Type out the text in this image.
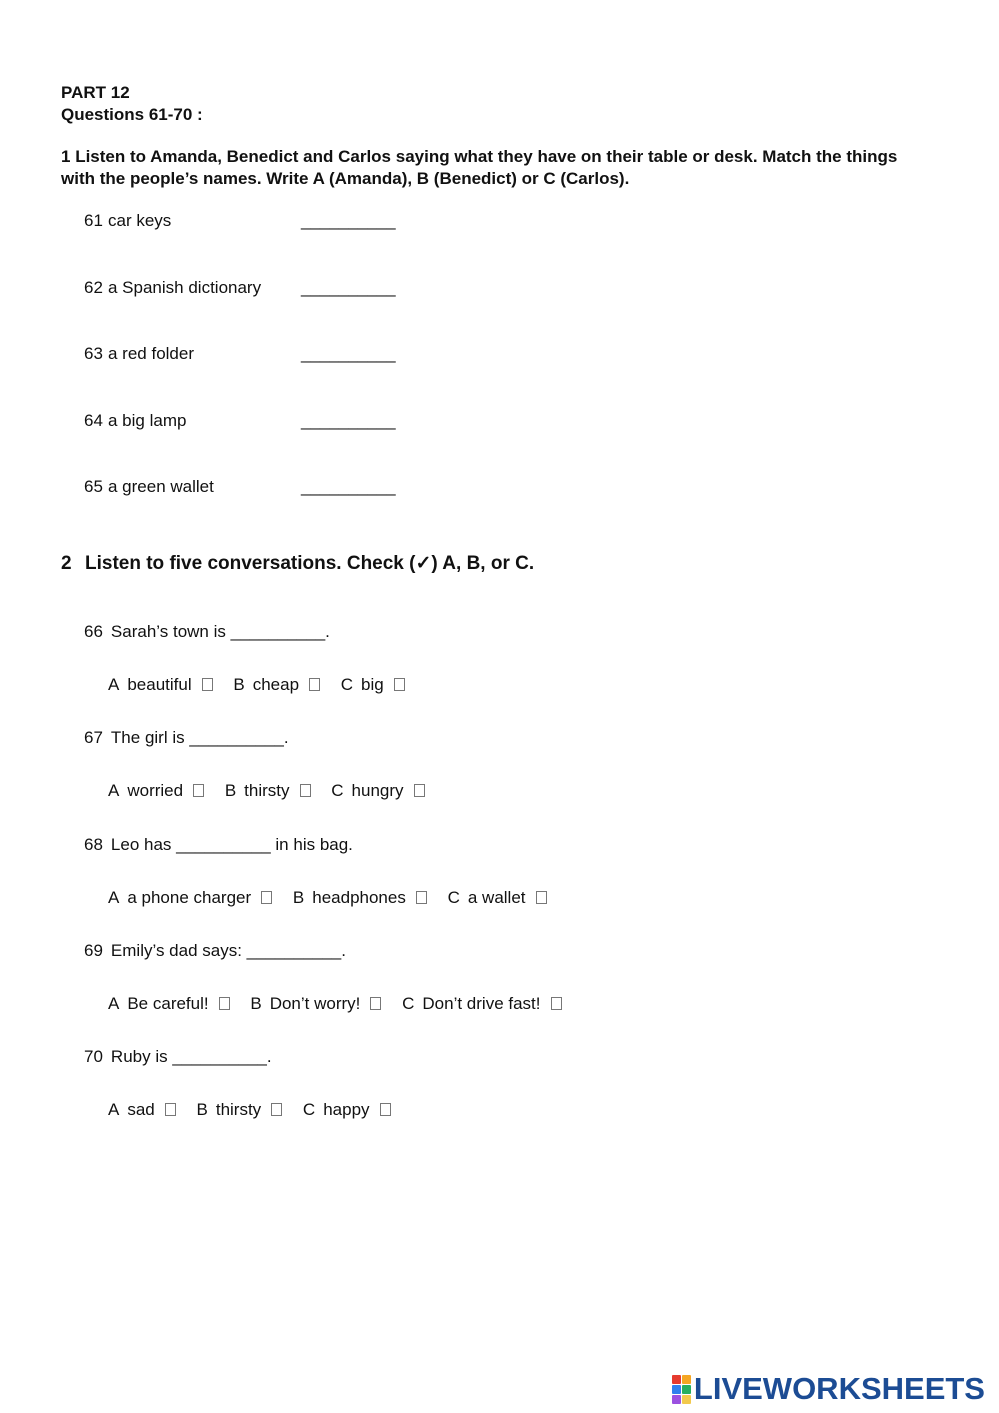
PART 12
Questions 61-70 :
1 Listen to Amanda, Benedict and Carlos saying what they have on their table or desk. Match the things with the people’s names. Write A (Amanda), B (Benedict) or C (Carlos).
61 car keys	__________
62 a Spanish dictionary __________
63 a red folder	__________
64 a big lamp	__________
65 a green wallet	__________
2 Listen to five conversations. Check (✓) A, B, or C.
66 Sarah’s town is __________.
A beautiful B cheap C big
67 The girl is __________.
A worried B thirsty C hungry
68 Leo has __________ in his bag.
A a phone charger B headphones C a wallet
69 Emily’s dad says: __________.
A Be careful! B Don’t worry! C Don’t drive fast!
70 Ruby is __________.
A sad B thirsty C happy
LIVEWORKSHEETS
